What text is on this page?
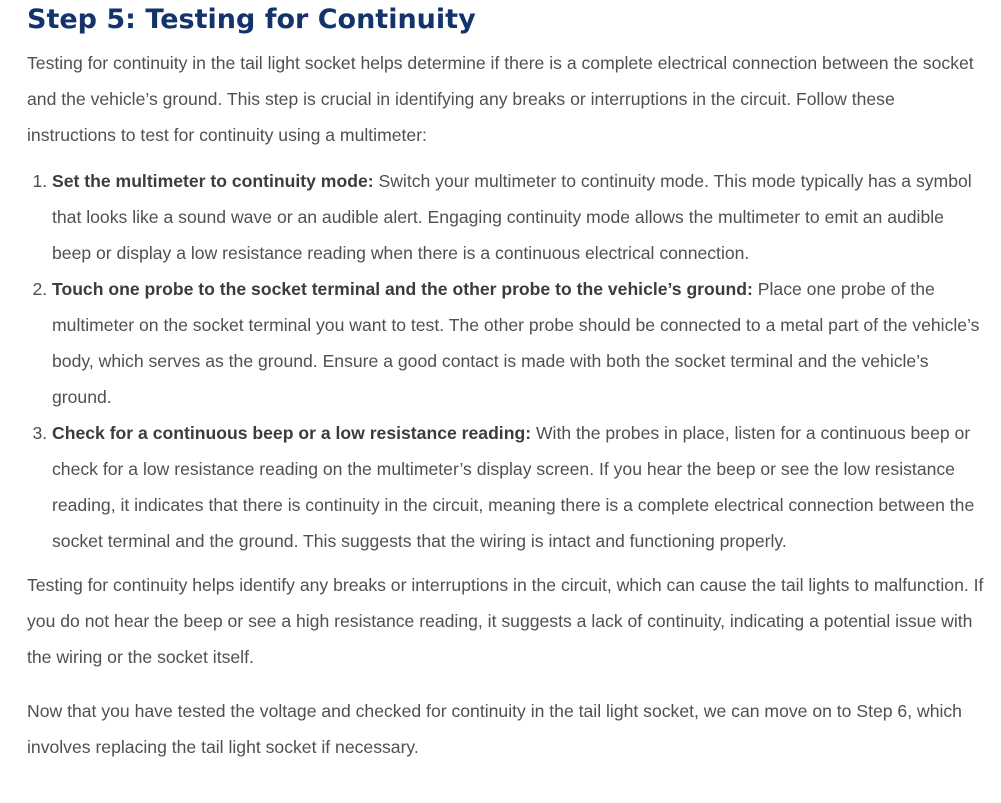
Step 5: Testing for Continuity

Testing for continuity in the tail light socket helps determine if there is a complete electrical connection between the socket and the vehicle’s ground. This step is crucial in identifying any breaks or interruptions in the circuit. Follow these instructions to test for continuity using a multimeter:

1. Set the multimeter to continuity mode: Switch your multimeter to continuity mode. This mode typically has a symbol that looks like a sound wave or an audible alert. Engaging continuity mode allows the multimeter to emit an audible beep or display a low resistance reading when there is a continuous electrical connection.
2. Touch one probe to the socket terminal and the other probe to the vehicle’s ground: Place one probe of the multimeter on the socket terminal you want to test. The other probe should be connected to a metal part of the vehicle’s body, which serves as the ground. Ensure a good contact is made with both the socket terminal and the vehicle’s ground.
3. Check for a continuous beep or a low resistance reading: With the probes in place, listen for a continuous beep or check for a low resistance reading on the multimeter’s display screen. If you hear the beep or see the low resistance reading, it indicates that there is continuity in the circuit, meaning there is a complete electrical connection between the socket terminal and the ground. This suggests that the wiring is intact and functioning properly.

Testing for continuity helps identify any breaks or interruptions in the circuit, which can cause the tail lights to malfunction. If you do not hear the beep or see a high resistance reading, it suggests a lack of continuity, indicating a potential issue with the wiring or the socket itself.

Now that you have tested the voltage and checked for continuity in the tail light socket, we can move on to Step 6, which involves replacing the tail light socket if necessary.
